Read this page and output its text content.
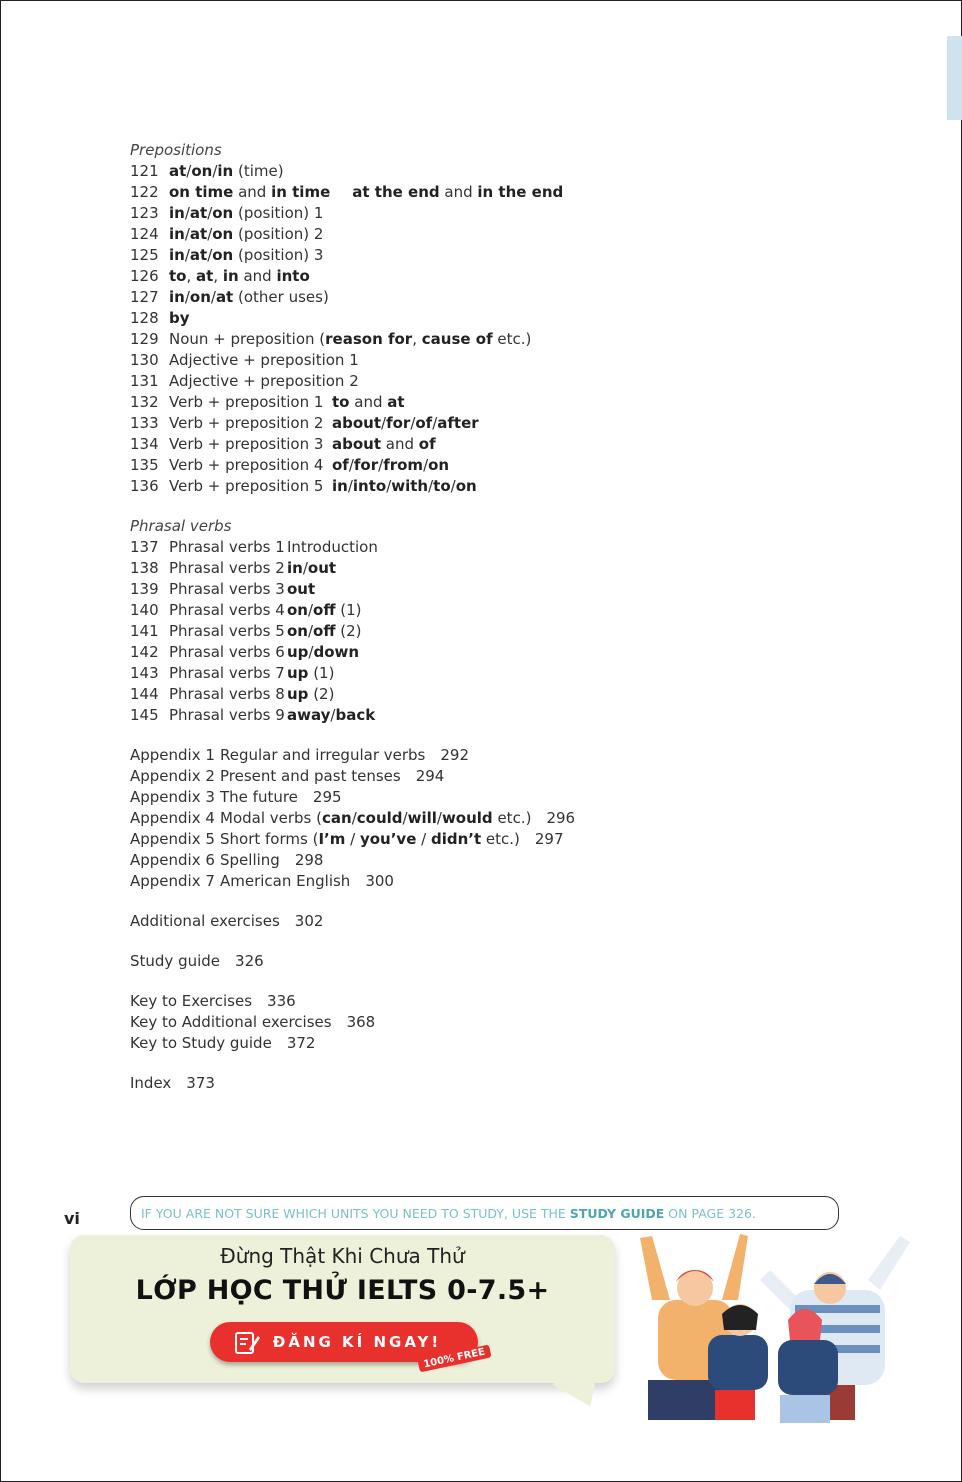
Prepositions
121 at/on/in (time)
122 on time and in time at the end and in the end
123 in/at/on (position) 1
124 in/at/on (position) 2
125 in/at/on (position) 3
126 to, at, in and into
127 in/on/at (other uses)
128 by
129 Noun + preposition (reason for, cause of etc.)
130 Adjective + preposition 1
131 Adjective + preposition 2
132 Verb + preposition 1 to and at
133 Verb + preposition 2 about/for/of/after
134 Verb + preposition 3 about and of
135 Verb + preposition 4 of/for/from/on
136 Verb + preposition 5 in/into/with/to/on
Phrasal verbs
137 Phrasal verbs 1 Introduction
138 Phrasal verbs 2 in/out
139 Phrasal verbs 3 out
140 Phrasal verbs 4 on/off (1)
141 Phrasal verbs 5 on/off (2)
142 Phrasal verbs 6 up/down
143 Phrasal verbs 7 up (1)
144 Phrasal verbs 8 up (2)
145 Phrasal verbs 9 away/back
Appendix 1 Regular and irregular verbs 292
Appendix 2 Present and past tenses 294
Appendix 3 The future 295
Appendix 4 Modal verbs (can/could/will/would etc.) 296
Appendix 5 Short forms (I’m / you’ve / didn’t etc.) 297
Appendix 6 Spelling 298
Appendix 7 American English 300
Additional exercises 302
Study guide 326
Key to Exercises 336
Key to Additional exercises 368
Key to Study guide 372
Index 373
vi	IF YOU ARE NOT SURE WHICH UNITS YOU NEED TO STUDY, USE THE STUDY GUIDE ON PAGE 326.
Đừng Thật Khi Chưa Thử
LỚP HỌC THỬ IELTS 0-7.5+
ĐĂNG KÍ NGAY!
100% FREE
